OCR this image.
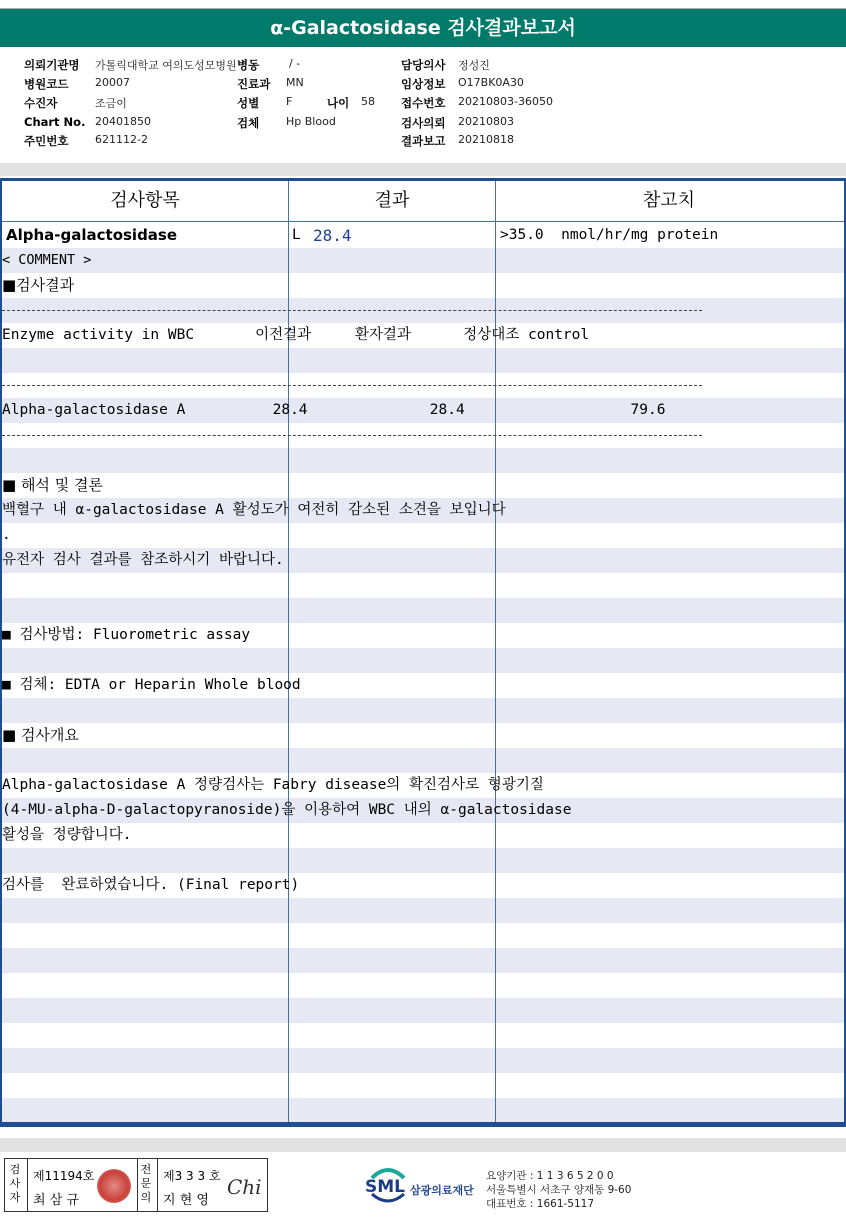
α-Galactosidase 검사결과보고서
의뢰기관명 가톨릭대학교 여의도성모병원 병동	/ -	담당의사 정성진
병원코드 20007	진료과 MN	임상정보 O17BK0A30
수진자	조금이	성별 F	나이 58 접수번호 20210803-36050
Chart No. 20401850	검체 Hp Blood	검사의뢰 20210803
주민번호 621112-2	결과보고 20210818
검사항목	결과	참고치
Alpha-galactosidase	L 28.4	>35.0  nmol/hr/mg protein
< COMMENT >
■검사결과
Enzyme activity in WBC       이전결과     환자결과      정상대조 control
Alpha-galactosidase A          28.4              28.4                   79.6
■ 해석 및 결론
백혈구 내 α-galactosidase A 활성도가 여전히 감소된 소견을 보입니다
.
유전자 검사 결과를 참조하시기 바랍니다.
■ 검사방법: Fluorometric assay
■ 검체: EDTA or Heparin Whole blood
■ 검사개요
Alpha-galactosidase A 정량검사는 Fabry disease의 확진검사로 형광기질
(4-MU-alpha-D-galactopyranoside)을 이용하여 WBC 내의 α-galactosidase
활성을 정량합니다.
검사를  완료하였습니다. (Final report)
검사자
제11194호
최 삼 규
전문의
제3 3 3 호
지 현 영
Chi	SML 삼광의료재단
요양기관 : 1 1 3 6 5 2 0 0
서울특별시 서초구 양재동 9-60
대표번호 : 1661-5117
